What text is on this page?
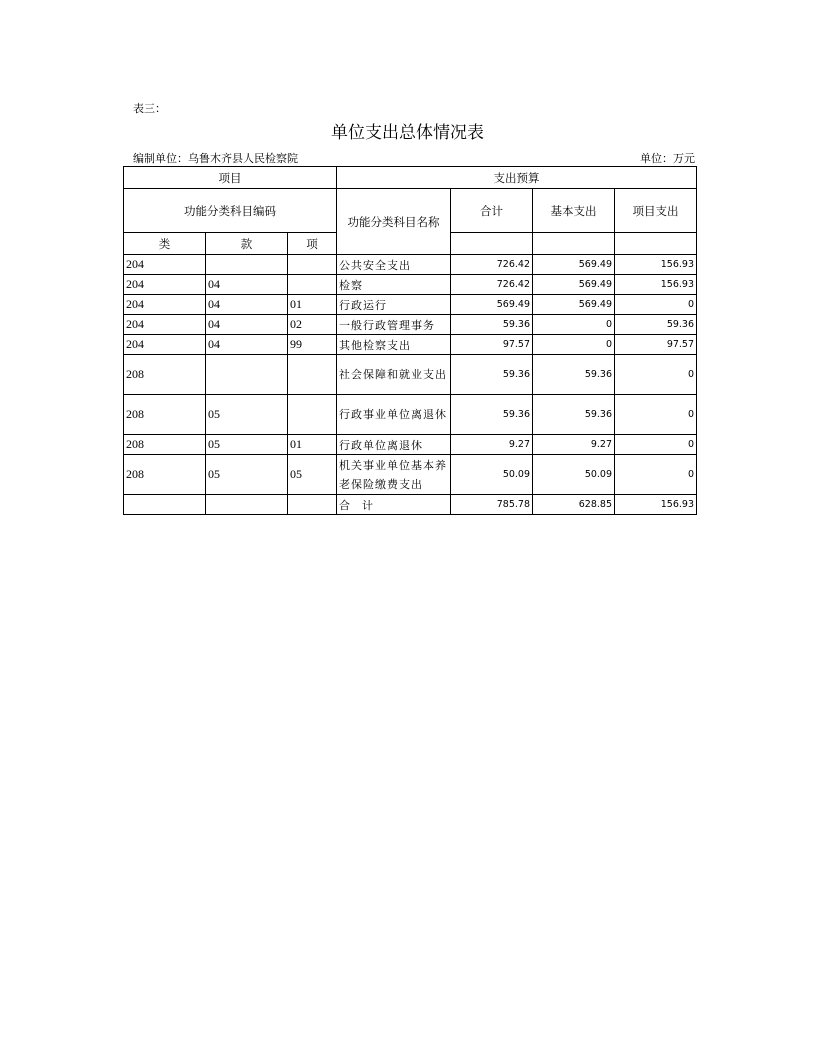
表三：
单位支出总体情况表
编制单位：乌鲁木齐县人民检察院	单位：万元
项目			支出预算			
功能分类科目编码			功能分类科目名称	合计	基本支出	项目支出
类	款	项				
204			公共安全支出	726.42	569.49	156.93
204	04		检察	726.42	569.49	156.93
204	04	01	行政运行	569.49	569.49	0
204	04	02	一般行政管理事务	59.36	0	59.36
204	04	99	其他检察支出	97.57	0	97.57
208			社会保障和就业支出	59.36	59.36	0
208	05		行政事业单位离退休	59.36	59.36	0
208	05	01	行政单位离退休	9.27	9.27	0
208	05	05	机关事业单位基本养老保险缴费支出	50.09	50.09	0
			合计	785.78	628.85	156.93
